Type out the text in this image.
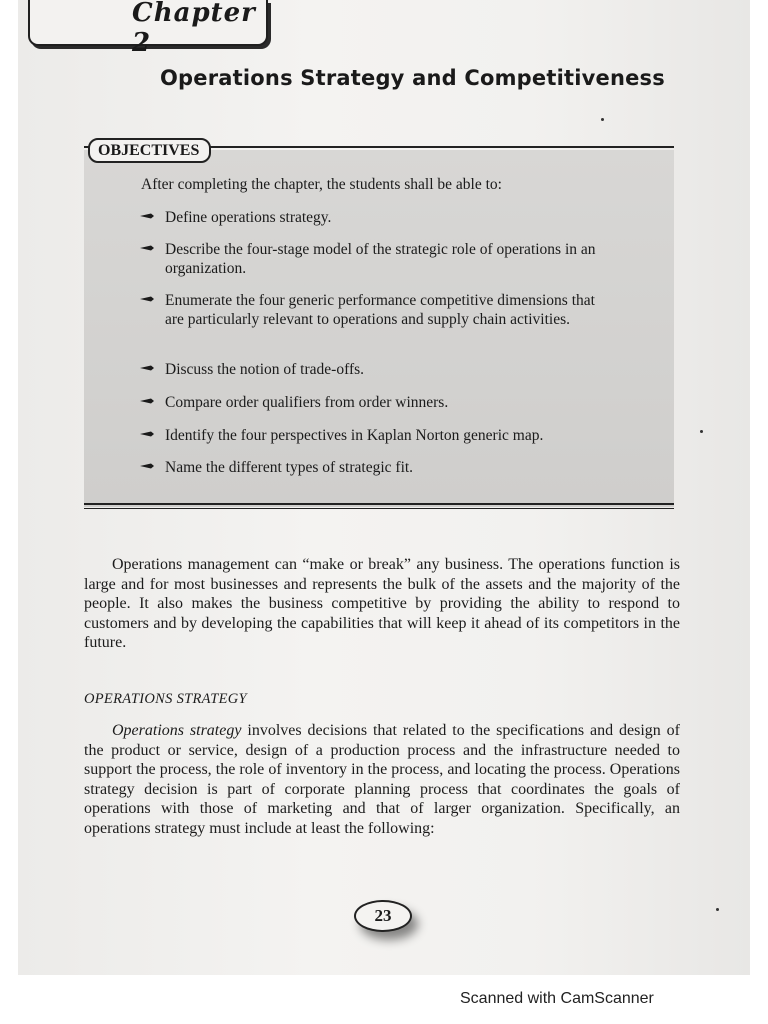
Chapter 2
Operations Strategy and Competitiveness
OBJECTIVES
After completing the chapter, the students shall be able to:
Define operations strategy.
Describe the four-stage model of the strategic role of operations in an organization.
Enumerate the four generic performance competitive dimensions that are particularly relevant to operations and supply chain activities.
Discuss the notion of trade-offs.
Compare order qualifiers from order winners.
Identify the four perspectives in Kaplan Norton generic map.
Name the different types of strategic fit.
Operations management can “make or break” any business. The operations function is large and for most businesses and represents the bulk of the assets and the majority of the people. It also makes the business competitive by providing the ability to respond to customers and by developing the capabilities that will keep it ahead of its competitors in the future.
OPERATIONS STRATEGY
Operations strategy involves decisions that related to the specifications and design of the product or service, design of a production process and the infrastructure needed to support the process, the role of inventory in the process, and locating the process. Operations strategy decision is part of corporate planning process that coordinates the goals of operations with those of marketing and that of larger organization. Specifically, an operations strategy must include at least the following:
23
Scanned with CamScanner
